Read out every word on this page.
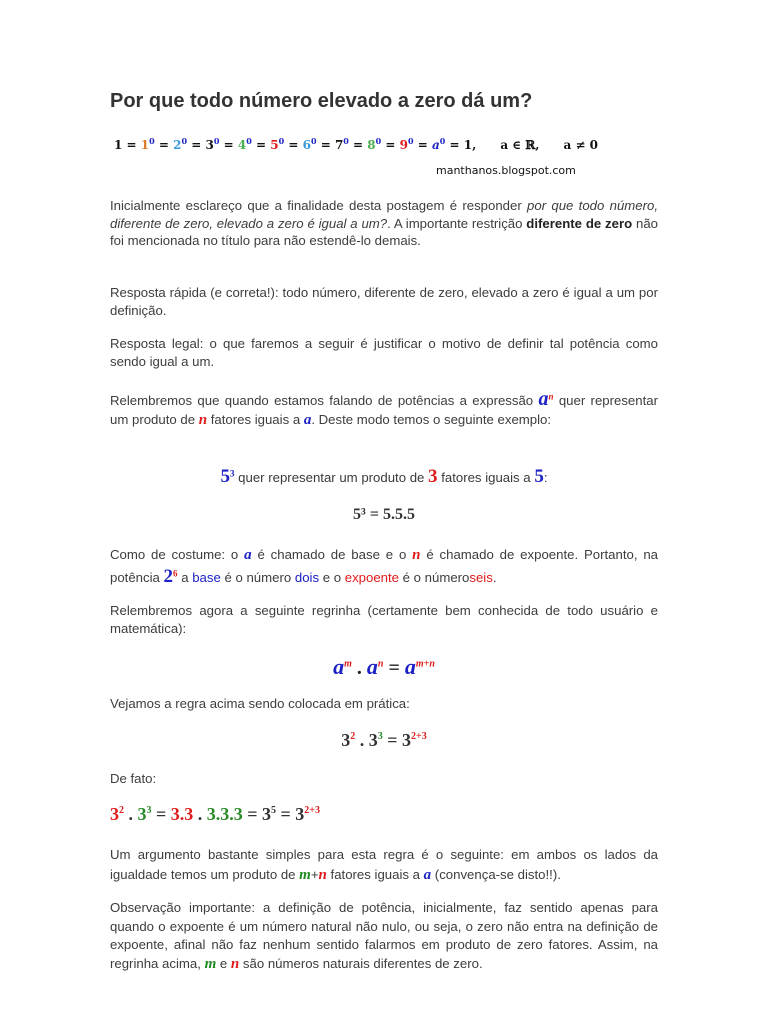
Por que todo número elevado a zero dá um?
$1 = 1^0 = 2^0 = 3^0 = 4^0 = 5^0 = 6^0 = 7^0 = 8^0 = 9^0 = a^0 = 1$, a ∈ ℝ, a ≠ 0
manthanos.blogspot.com

Inicialmente esclareço que a finalidade desta postagem é responder por que todo número, diferente de zero, elevado a zero é igual a um?. A importante restrição diferente de zero não foi mencionada no título para não estendê-lo demais.

Resposta rápida (e correta!): todo número, diferente de zero, elevado a zero é igual a um por definição.

Resposta legal: o que faremos a seguir é justificar o motivo de definir tal potência como sendo igual a um.

Relembremos que quando estamos falando de potências a expressão $a^n$ quer representar um produto de n fatores iguais a a. Deste modo temos o seguinte exemplo:

$5^3$ quer representar um produto de 3 fatores iguais a 5:
5³ = 5.5.5

Como de costume: o a é chamado de base e o n é chamado de expoente. Portanto, na potência $2^6$ a base é o número dois e o expoente é o númeroseis.

Relembremos agora a seguinte regrinha (certamente bem conhecida de todo usuário e matemática):

$a^m$ . $a^n = a^{m+n}$

Vejamos a regra acima sendo colocada em prática:

$3^2$ . $3^3 = 3^{2+3}$

De fato:

$3^2$ . $3^3 = 3.3$ . $3.3.3 = 3^5 = 3^{2+3}$

Um argumento bastante simples para esta regra é o seguinte: em ambos os lados da igualdade temos um produto de m+n fatores iguais a a (convença-se disto!!).

Observação importante: a definição de potência, inicialmente, faz sentido apenas para quando o expoente é um número natural não nulo, ou seja, o zero não entra na definição de expoente, afinal não faz nenhum sentido falarmos em produto de zero fatores. Assim, na regrinha acima, m e n são números naturais diferentes de zero.
